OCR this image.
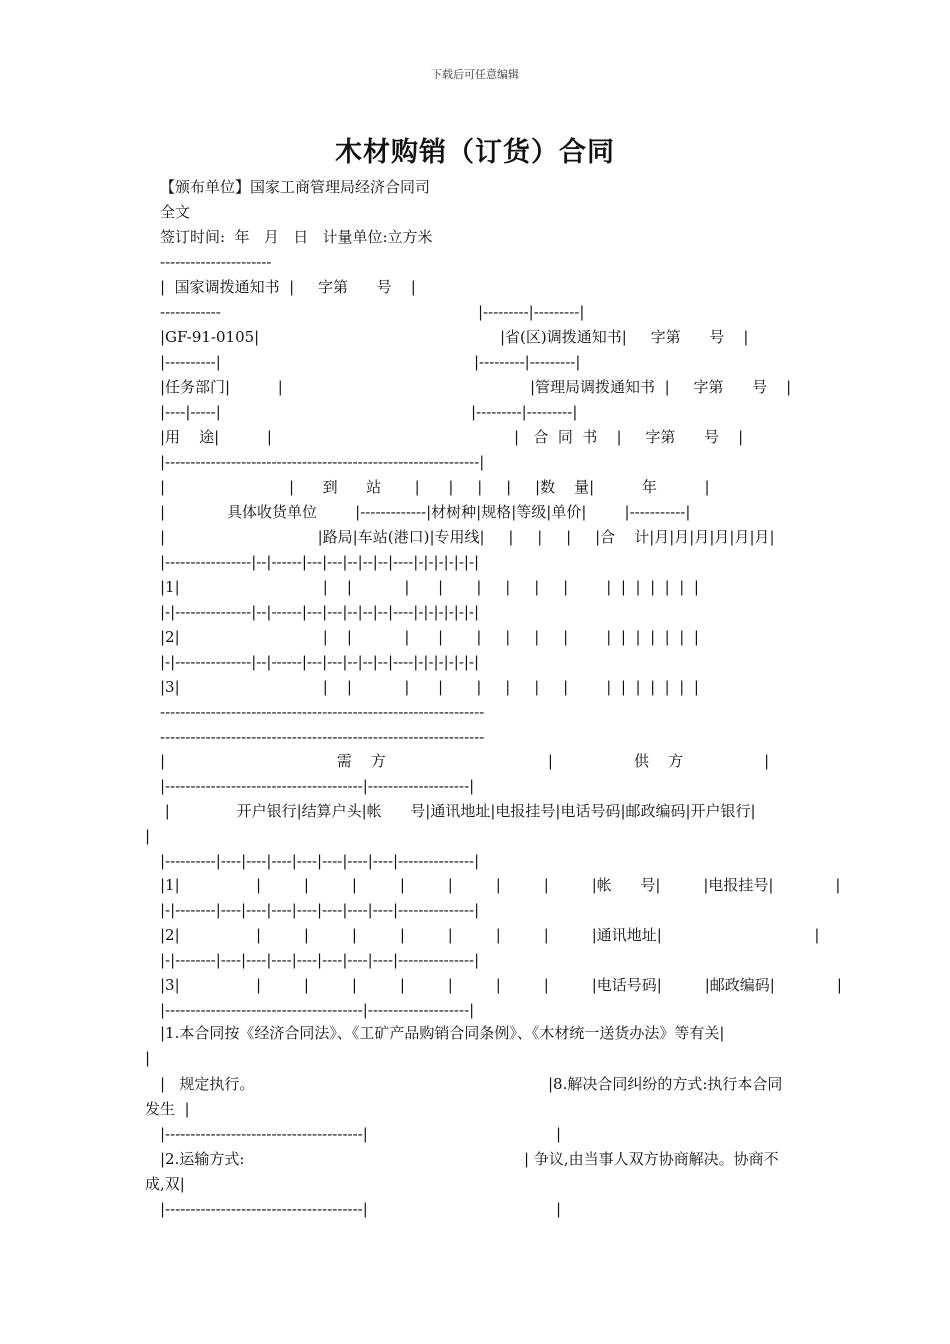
下载后可任意编辑
木材购销（订货）合同
【颁布单位】国家工商管理局经济合同司
全文
签订时间:  年   月   日   计量单位:立方米
----------------------
|  国家调拨通知书  |     字第      号    |
------------	|---------|---------|
|GF-91-0105|	|省(区)调拨通知书|     字第      号    |
|----------|	|---------|---------|
|任务部门|          |	|管理局调拨通知书  |     字第      号    |
|----|-----|	|---------|---------|
|用    途|          |	|   合  同  书    |     字第      号    |
|--------------------------------------------------------------|
|                          |      到      站       |      |     |     |     |数    量|          年          |
|             具体收货单位        |-------------|材树种|规格|等级|单价|        |-----------|
|                                |路局|车站(港口)|专用线|     |     |     |     |合    计|月|月|月|月|月|月|
|-----------------|--|------|---|---|--|--|--|----|-|-|-|-|-|-|
|1|                              |    |           |      |       |     |     |     |        |  |  |  |  |  |  |
|-|---------------|--|------|---|---|--|--|--|----|-|-|-|-|-|-|
|2|                              |    |           |      |       |     |     |     |        |  |  |  |  |  |  |
|-|---------------|--|------|---|---|--|--|--|----|-|-|-|-|-|-|
|3|                              |    |           |      |       |     |     |     |        |  |  |  |  |  |  |
----------------------------------------------------------------
----------------------------------------------------------------
|                                    需    方                                  |                 供    方                 |
|---------------------------------------|--------------------|
|              开户银行|结算户头|帐      号|通讯地址|电报挂号|电话号码|邮政编码|开户银行|
|
|----------|----|----|----|----|----|----|----|---------------|
|1|                |         |         |         |         |         |         |         |帐      号|         |电报挂号|             |
|-|--------|----|----|----|----|----|----|----|---------------|
|2|                |         |         |         |         |         |         |         |通讯地址|                                |
|-|--------|----|----|----|----|----|----|----|---------------|
|3|                |         |         |         |         |         |         |         |电话号码|         |邮政编码|             |
|---------------------------------------|--------------------|
|1.本合同按《经济合同法》、《工矿产品购销合同条例》、《木材统一送货办法》等有关|                                         |
|   规定执行。	|8.解决合同纠纷的方式:执行本合同
发生  |
|---------------------------------------|	|
|2.运输方式:	| 争议,由当事人双方协商解决。协商不
成,双|
|---------------------------------------|	|
